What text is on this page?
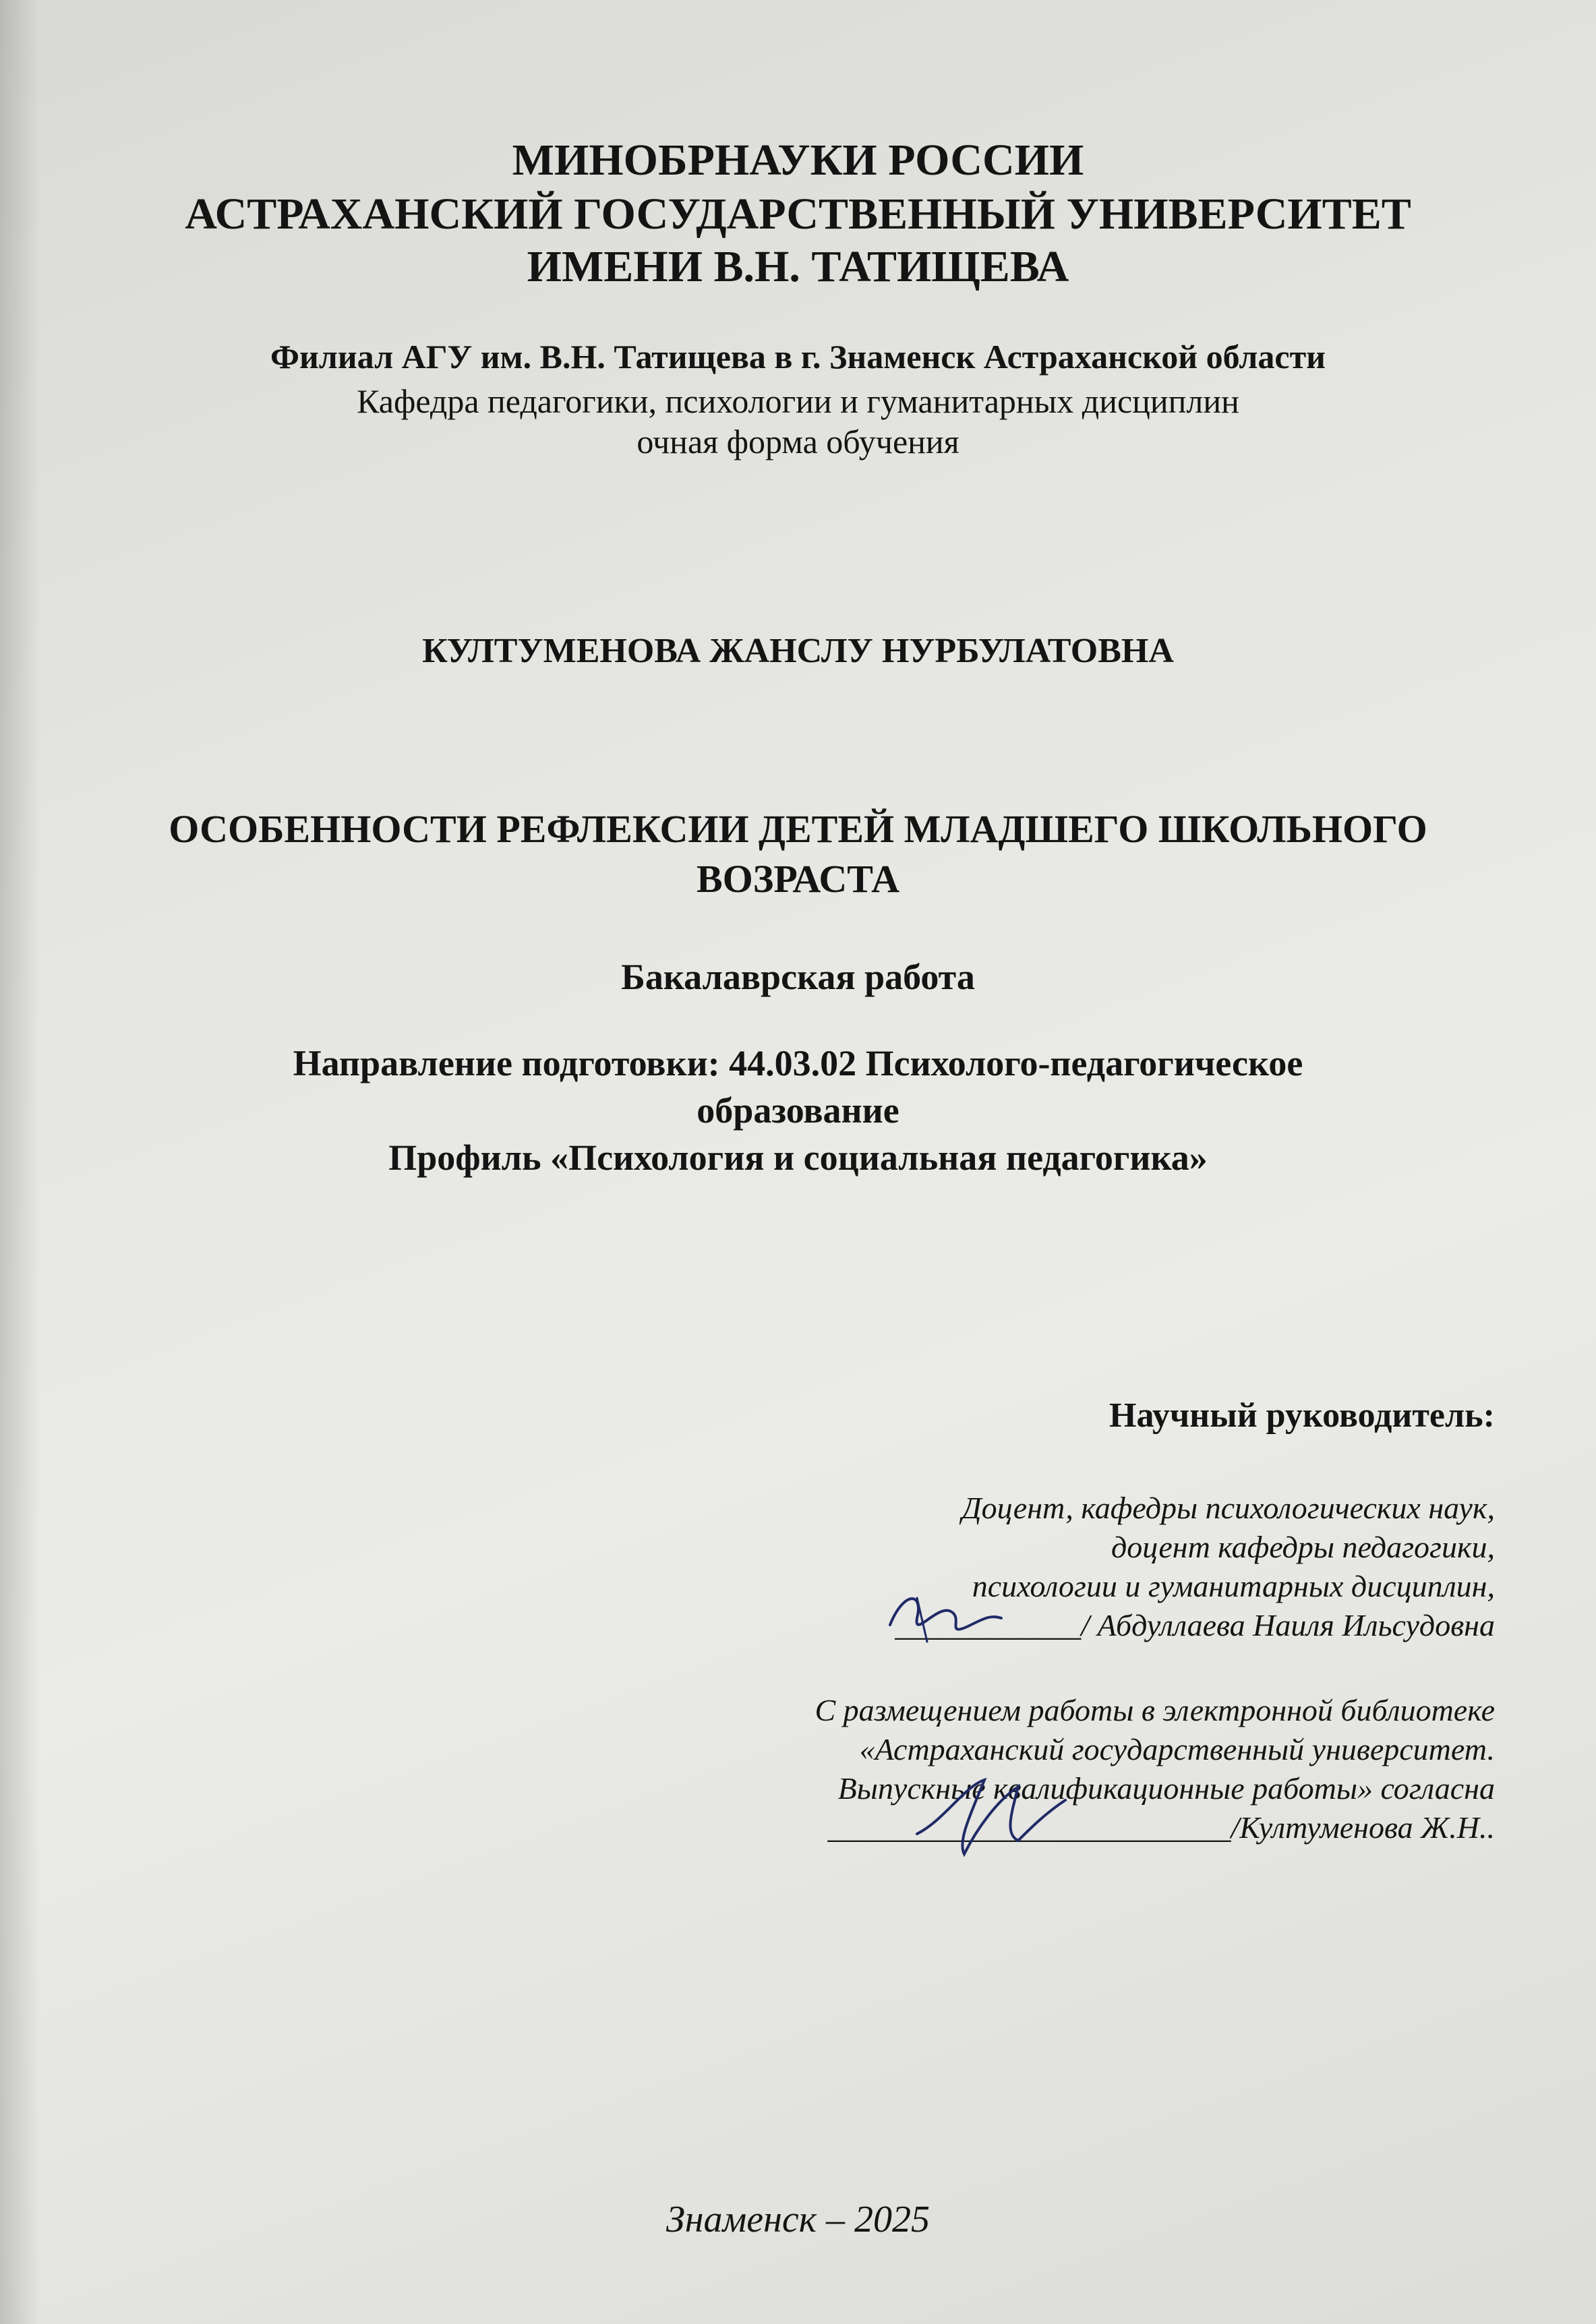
МИНОБРНАУКИ РОССИИ
АСТРАХАНСКИЙ ГОСУДАРСТВЕННЫЙ УНИВЕРСИТЕТ
ИМЕНИ В.Н. ТАТИЩЕВА
Филиал АГУ им. В.Н. Татищева в г. Знаменск Астраханской области
Кафедра педагогики, психологии и гуманитарных дисциплин
очная форма обучения
КУЛТУМЕНОВА ЖАНСЛУ НУРБУЛАТОВНА
ОСОБЕННОСТИ РЕФЛЕКСИИ ДЕТЕЙ МЛАДШЕГО ШКОЛЬНОГО
ВОЗРАСТА
Бакалаврская работа
Направление подготовки: 44.03.02 Психолого-педагогическое
образование
Профиль «Психология и социальная педагогика»
Научный руководитель:
Доцент, кафедры психологических наук,
доцент кафедры педагогики,
психологии и гуманитарных дисциплин,
____________/ Абдуллаева Наиля Ильсудовна
С размещением работы в электронной библиотеке
«Астраханский государственный университет.
Выпускные квалификационные работы» согласна
__________________________/Култуменова Ж.Н..
Знаменск – 2025
